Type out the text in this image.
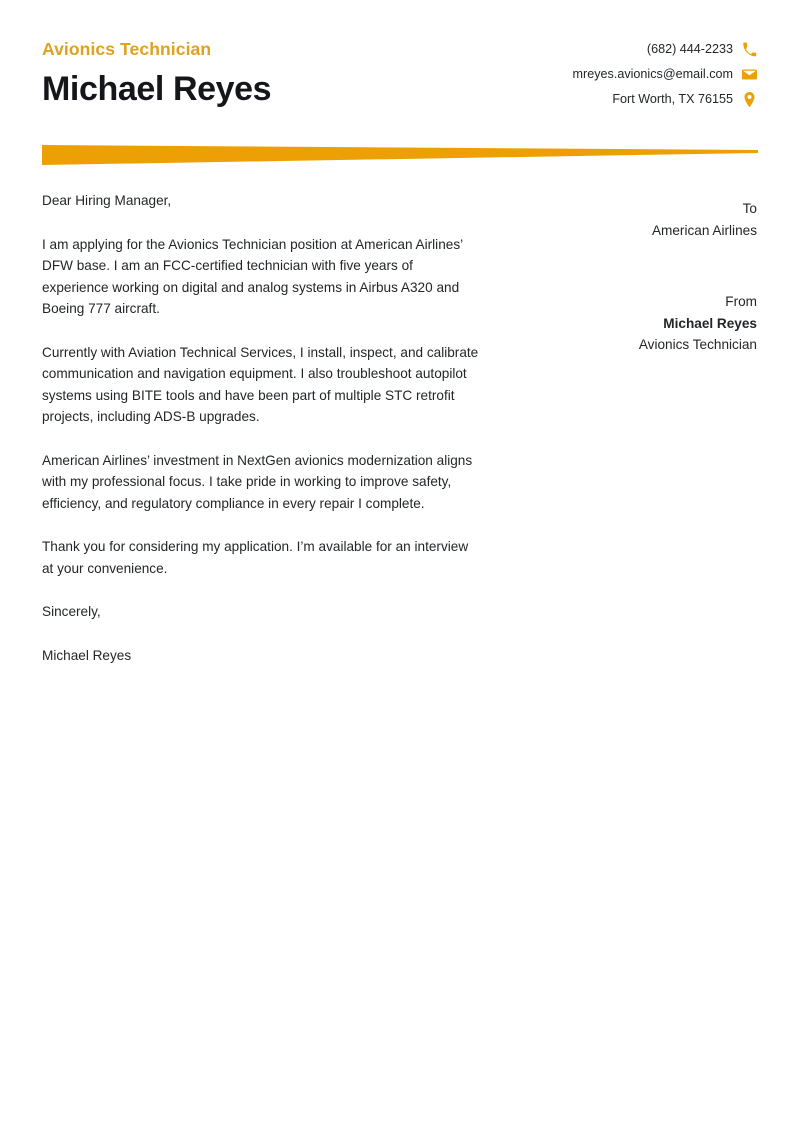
Avionics Technician
Michael Reyes
(682) 444-2233
mreyes.avionics@email.com
Fort Worth, TX 76155

Dear Hiring Manager,

I am applying for the Avionics Technician position at American Airlines’ DFW base. I am an FCC-certified technician with five years of experience working on digital and analog systems in Airbus A320 and Boeing 777 aircraft.

Currently with Aviation Technical Services, I install, inspect, and calibrate communication and navigation equipment. I also troubleshoot autopilot systems using BITE tools and have been part of multiple STC retrofit projects, including ADS-B upgrades.

American Airlines’ investment in NextGen avionics modernization aligns with my professional focus. I take pride in working to improve safety, efficiency, and regulatory compliance in every repair I complete.

Thank you for considering my application. I’m available for an interview at your convenience.

Sincerely,

Michael Reyes

To
American Airlines
From
Michael Reyes
Avionics Technician
